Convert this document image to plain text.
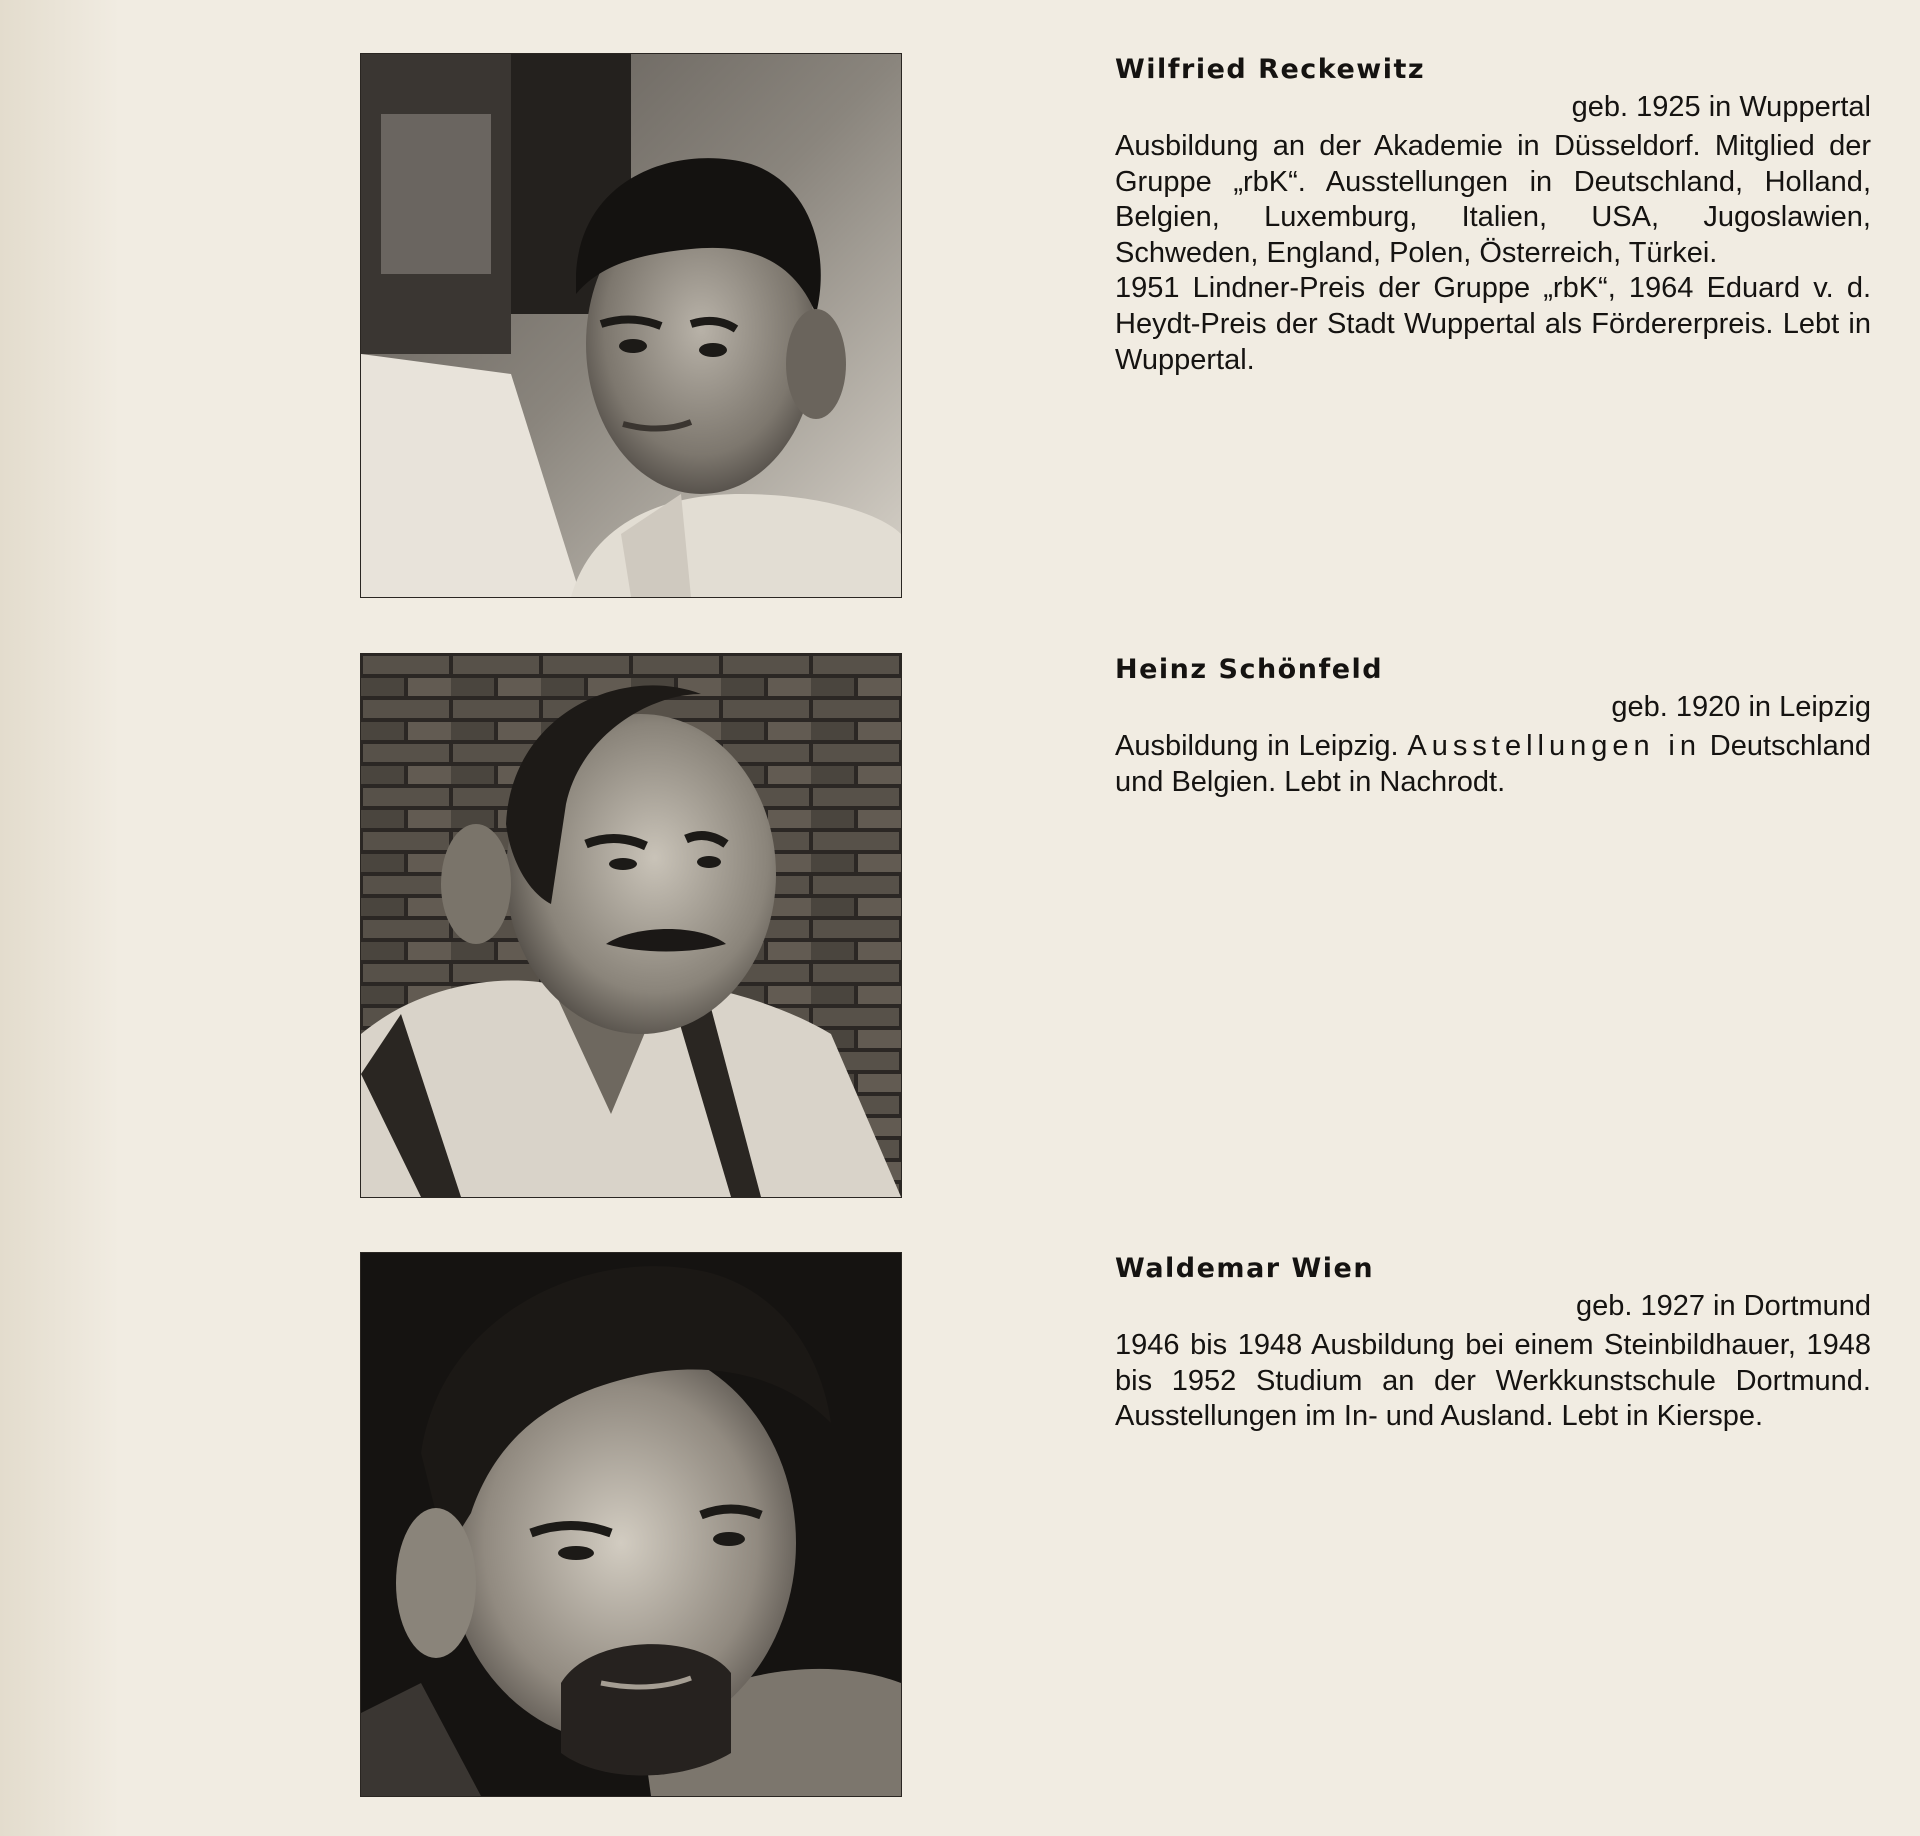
Wilfried Reckewitz

geb. 1925 in Wuppertal

Ausbildung an der Akademie in Düsseldorf. Mitglied der Gruppe „rbK“. Ausstellungen in Deutschland, Holland, Belgien, Luxemburg, Italien, USA, Jugoslawien, Schweden, England, Polen, Österreich, Türkei.

1951 Lindner-Preis der Gruppe „rbK“, 1964 Eduard v. d. Heydt-Preis der Stadt Wuppertal als Fördererpreis. Lebt in Wuppertal.

Heinz Schönfeld

geb. 1920 in Leipzig

Ausbildung in Leipzig. Ausstellungen in Deutschland und Belgien. Lebt in Nachrodt.

Waldemar Wien

geb. 1927 in Dortmund

1946 bis 1948 Ausbildung bei einem Steinbildhauer, 1948 bis 1952 Studium an der Werkkunstschule Dortmund. Ausstellungen im In- und Ausland. Lebt in Kierspe.
